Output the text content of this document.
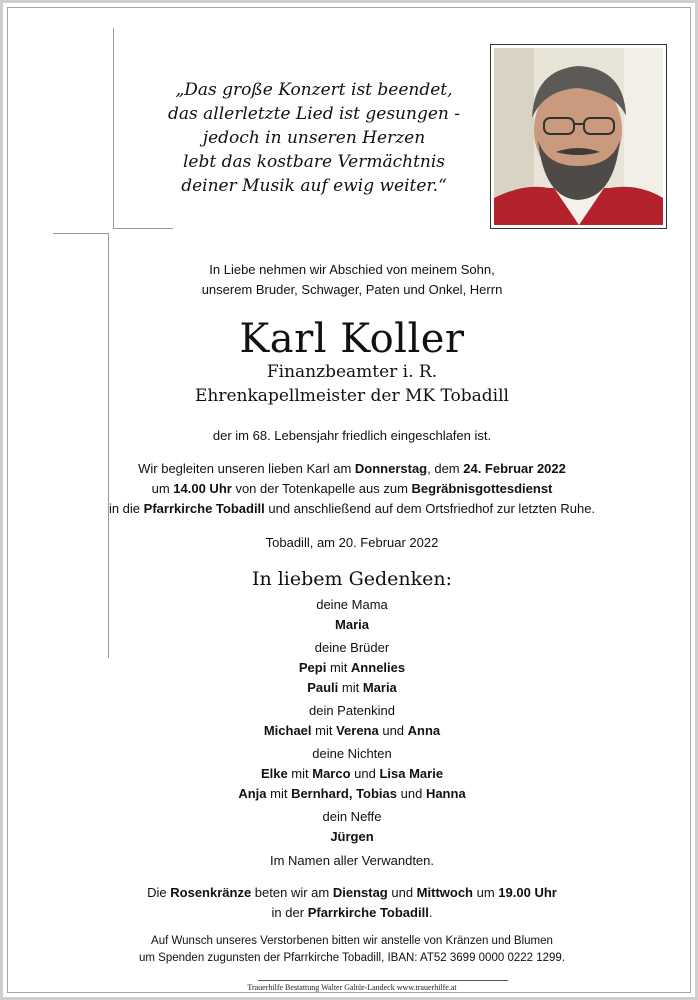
„Das große Konzert ist beendet,
das allerletzte Lied ist gesungen -
jedoch in unseren Herzen
lebt das kostbare Vermächtnis
deiner Musik auf ewig weiter.“
In Liebe nehmen wir Abschied von meinem Sohn,
unserem Bruder, Schwager, Paten und Onkel, Herrn
Karl Koller
Finanzbeamter i. R.
Ehrenkapellmeister der MK Tobadill
der im 68. Lebensjahr friedlich eingeschlafen ist.
Wir begleiten unseren lieben Karl am Donnerstag, dem 24. Februar 2022
um 14.00 Uhr von der Totenkapelle aus zum Begräbnisgottesdienst
in die Pfarrkirche Tobadill und anschließend auf dem Ortsfriedhof zur letzten Ruhe.
Tobadill, am 20. Februar 2022
In liebem Gedenken:
deine Mama
Maria
deine Brüder
Pepi mit Annelies
Pauli mit Maria
dein Patenkind
Michael mit Verena und Anna
deine Nichten
Elke mit Marco und Lisa Marie
Anja mit Bernhard, Tobias und Hanna
dein Neffe
Jürgen
Im Namen aller Verwandten.
Die Rosenkränze beten wir am Dienstag und Mittwoch um 19.00 Uhr
in der Pfarrkirche Tobadill.
Auf Wunsch unseres Verstorbenen bitten wir anstelle von Kränzen und Blumen
um Spenden zugunsten der Pfarrkirche Tobadill, IBAN: AT52 3699 0000 0222 1299.
Trauerhilfe Bestattung Walter Galtür-Landeck www.trauerhilfe.at
